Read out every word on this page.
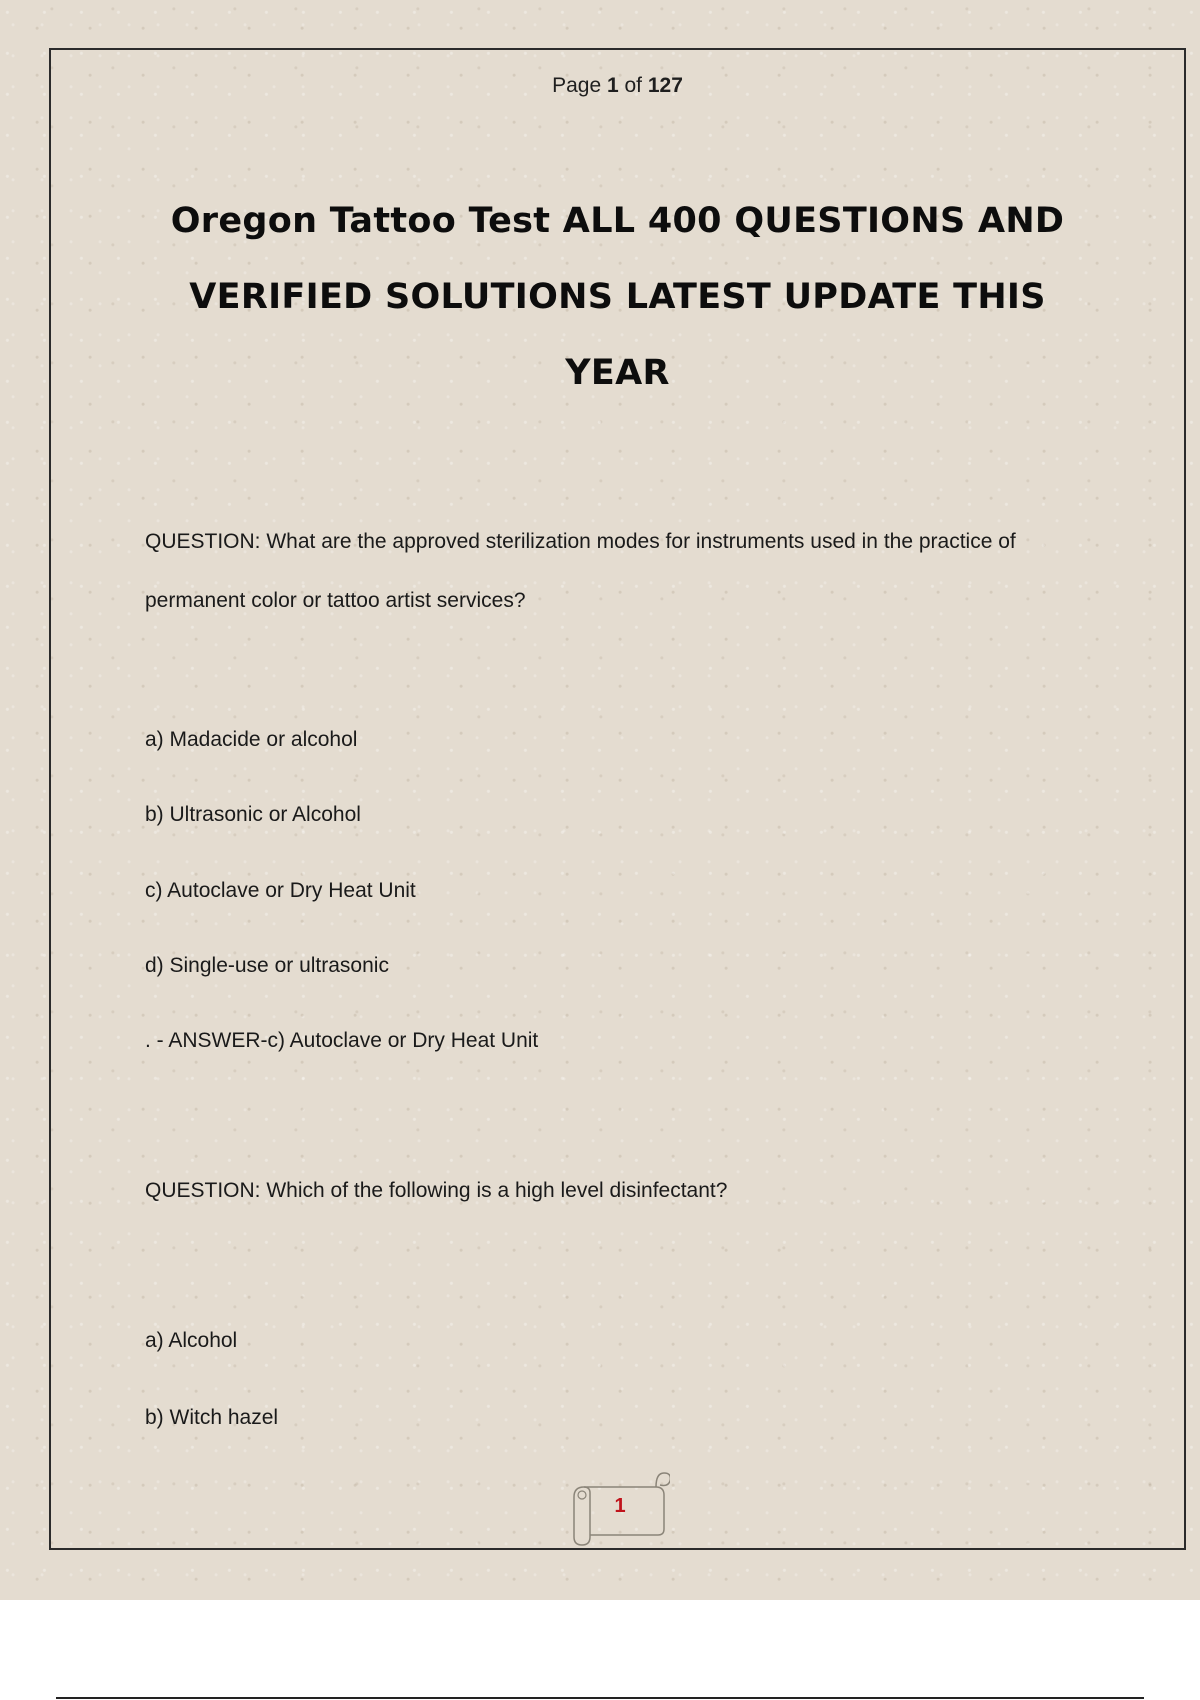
Page 1 of 127
Oregon Tattoo Test ALL 400 QUESTIONS AND
VERIFIED SOLUTIONS LATEST UPDATE THIS
YEAR
QUESTION: What are the approved sterilization modes for instruments used in the practice of permanent color or tattoo artist services?
a) Madacide or alcohol
b) Ultrasonic or Alcohol
c) Autoclave or Dry Heat Unit
d) Single-use or ultrasonic
. - ANSWER-c) Autoclave or Dry Heat Unit
QUESTION: Which of the following is a high level disinfectant?
a) Alcohol
b) Witch hazel
1
